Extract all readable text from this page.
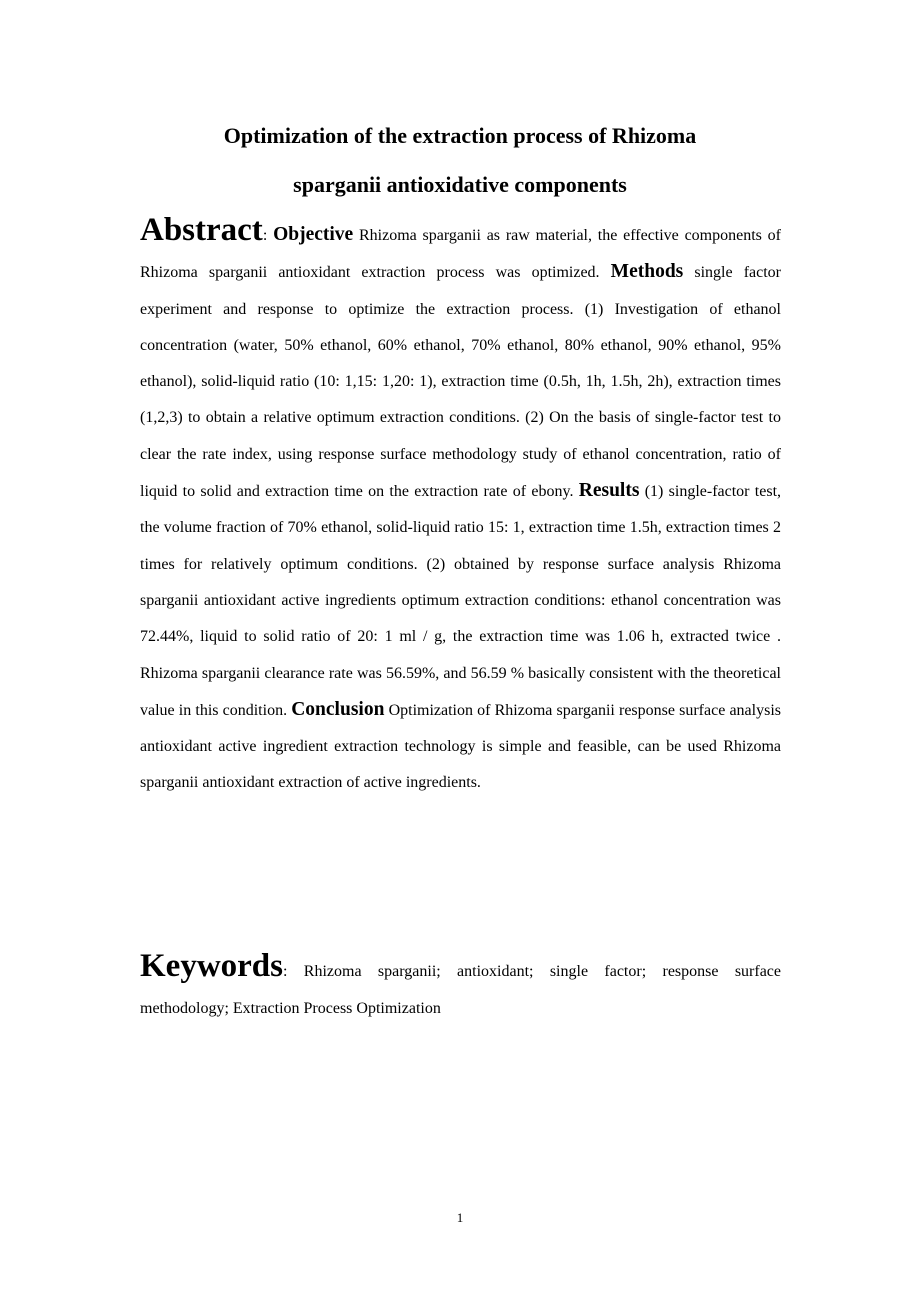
Optimization of the extraction process of Rhizoma
sparganii antioxidative components
Abstract: Objective Rhizoma sparganii as raw material, the effective components of Rhizoma sparganii antioxidant extraction process was optimized. Methods single factor experiment and response to optimize the extraction process. (1) Investigation of ethanol concentration (water, 50% ethanol, 60% ethanol, 70% ethanol, 80% ethanol, 90% ethanol, 95% ethanol), solid-liquid ratio (10: 1,15: 1,20: 1), extraction time (0.5h, 1h, 1.5h, 2h), extraction times (1,2,3) to obtain a relative optimum extraction conditions. (2) On the basis of single-factor test to clear the rate index, using response surface methodology study of ethanol concentration, ratio of liquid to solid and extraction time on the extraction rate of ebony. Results (1) single-factor test, the volume fraction of 70% ethanol, solid-liquid ratio 15: 1, extraction time 1.5h, extraction times 2 times for relatively optimum conditions. (2) obtained by response surface analysis Rhizoma sparganii antioxidant active ingredients optimum extraction conditions: ethanol concentration was 72.44%, liquid to solid ratio of 20: 1 ml / g, the extraction time was 1.06 h, extracted twice . Rhizoma sparganii clearance rate was 56.59%, and 56.59 % basically consistent with the theoretical value in this condition. Conclusion Optimization of Rhizoma sparganii response surface analysis antioxidant active ingredient extraction technology is simple and feasible, can be used Rhizoma sparganii antioxidant extraction of active ingredients.
Keywords: Rhizoma sparganii; antioxidant; single factor; response surface methodology; Extraction Process Optimization
1
